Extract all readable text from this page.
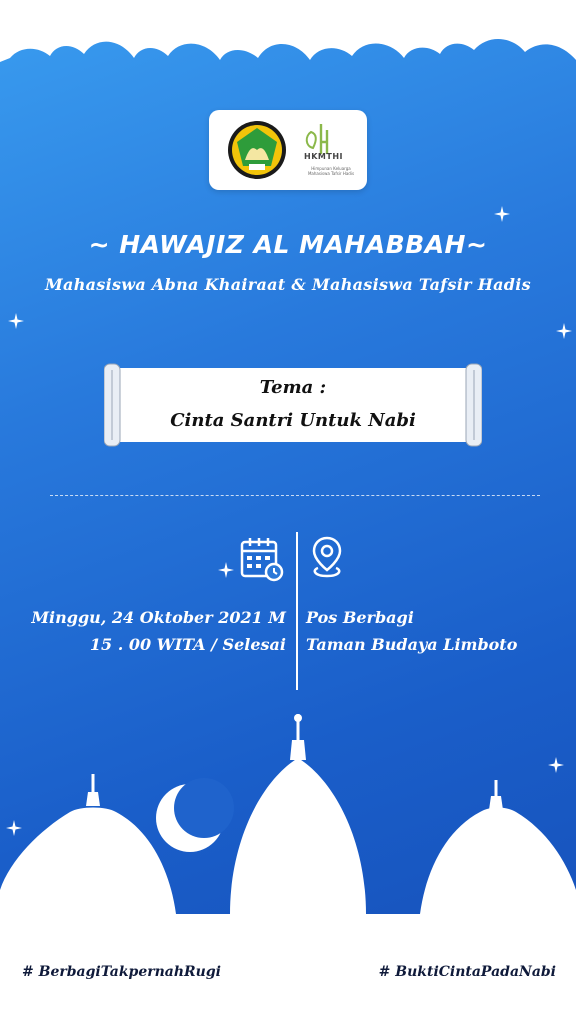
HKMTHI
Himpunan Keluarga Mahasiswa Tafsir Hadis
~ HAWAJIZ AL MAHABBAH~
Mahasiswa Abna Khairaat & Mahasiswa Tafsir Hadis
Tema :
Cinta Santri Untuk Nabi
Minggu, 24 Oktober 2021 M
15 . 00 WITA / Selesai
Pos Berbagi
Taman Budaya Limboto
# BerbagiTakpernahRugi	# BuktiCintaPadaNabi
